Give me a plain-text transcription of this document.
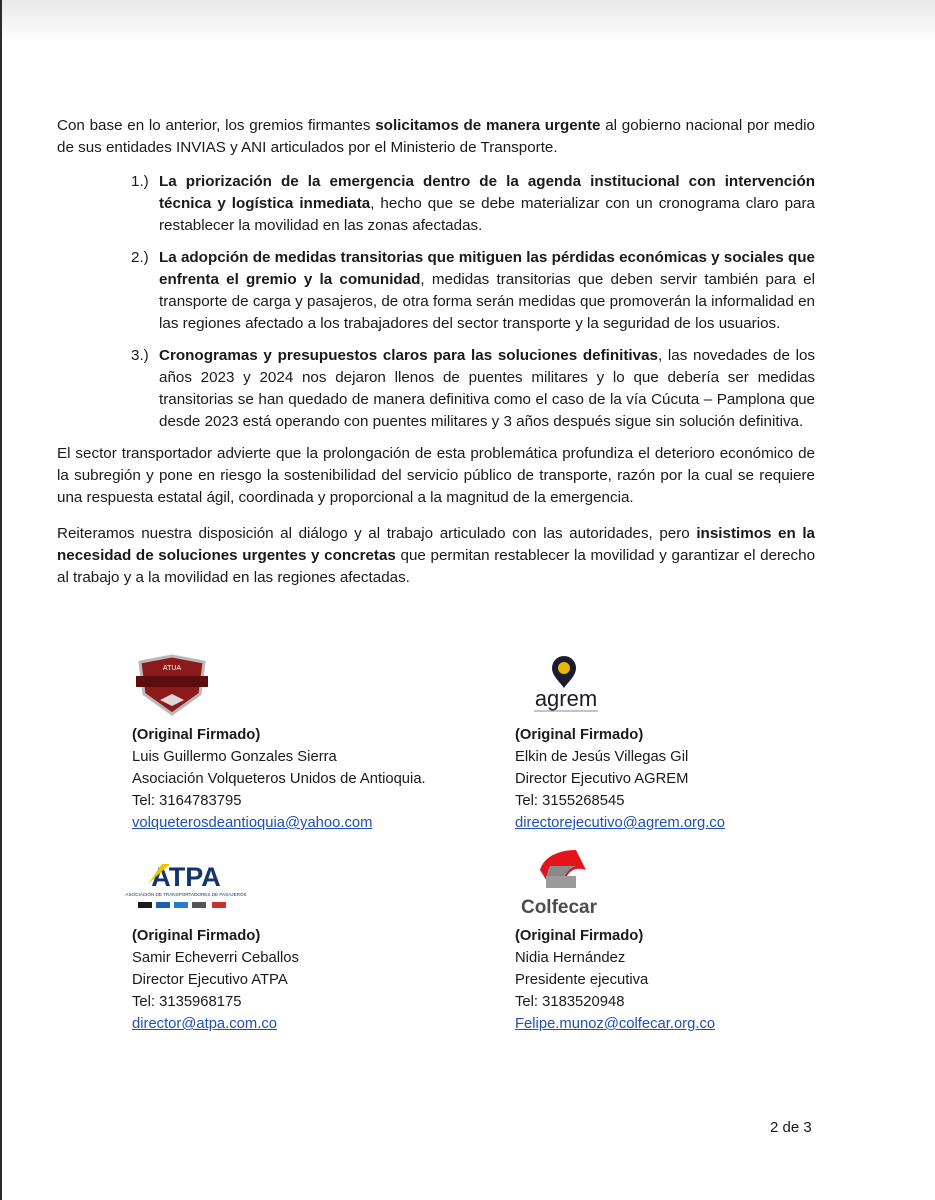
Con base en lo anterior, los gremios firmantes solicitamos de manera urgente al gobierno nacional por medio de sus entidades INVIAS y ANI articulados por el Ministerio de Transporte.

1.) La priorización de la emergencia dentro de la agenda institucional con intervención técnica y logística inmediata, hecho que se debe materializar con un cronograma claro para restablecer la movilidad en las zonas afectadas.
2.) La adopción de medidas transitorias que mitiguen las pérdidas económicas y sociales que enfrenta el gremio y la comunidad, medidas transitorias que deben servir también para el transporte de carga y pasajeros, de otra forma serán medidas que promoverán la informalidad en las regiones afectado a los trabajadores del sector transporte y la seguridad de los usuarios.
3.) Cronogramas y presupuestos claros para las soluciones definitivas, las novedades de los años 2023 y 2024 nos dejaron llenos de puentes militares y lo que debería ser medidas transitorias se han quedado de manera definitiva como el caso de la vía Cúcuta – Pamplona que desde 2023 está operando con puentes militares y 3 años después sigue sin solución definitiva.

El sector transportador advierte que la prolongación de esta problemática profundiza el deterioro económico de la subregión y pone en riesgo la sostenibilidad del servicio público de transporte, razón por la cual se requiere una respuesta estatal ágil, coordinada y proporcional a la magnitud de la emergencia.

Reiteramos nuestra disposición al diálogo y al trabajo articulado con las autoridades, pero insistimos en la necesidad de soluciones urgentes y concretas que permitan restablecer la movilidad y garantizar el derecho al trabajo y a la movilidad en las regiones afectadas.

ATUA
agrem
ATPA
ASOCIACIÓN DE TRANSPORTADORES DE PASAJEROS
Colfecar
(Original Firmado)
Luis Guillermo Gonzales Sierra
Asociación Volqueteros Unidos de Antioquia.
Tel: 3164783795
volqueterosdeantioquia@yahoo.com
(Original Firmado)
Elkin de Jesús Villegas Gil
Director Ejecutivo AGREM
Tel: 3155268545
directorejecutivo@agrem.org.co
(Original Firmado)
Samir Echeverri Ceballos
Director Ejecutivo ATPA
Tel: 3135968175
director@atpa.com.co
(Original Firmado)
Nidia Hernández
Presidente ejecutiva
Tel: 3183520948
Felipe.munoz@colfecar.org.co
2 de 3
